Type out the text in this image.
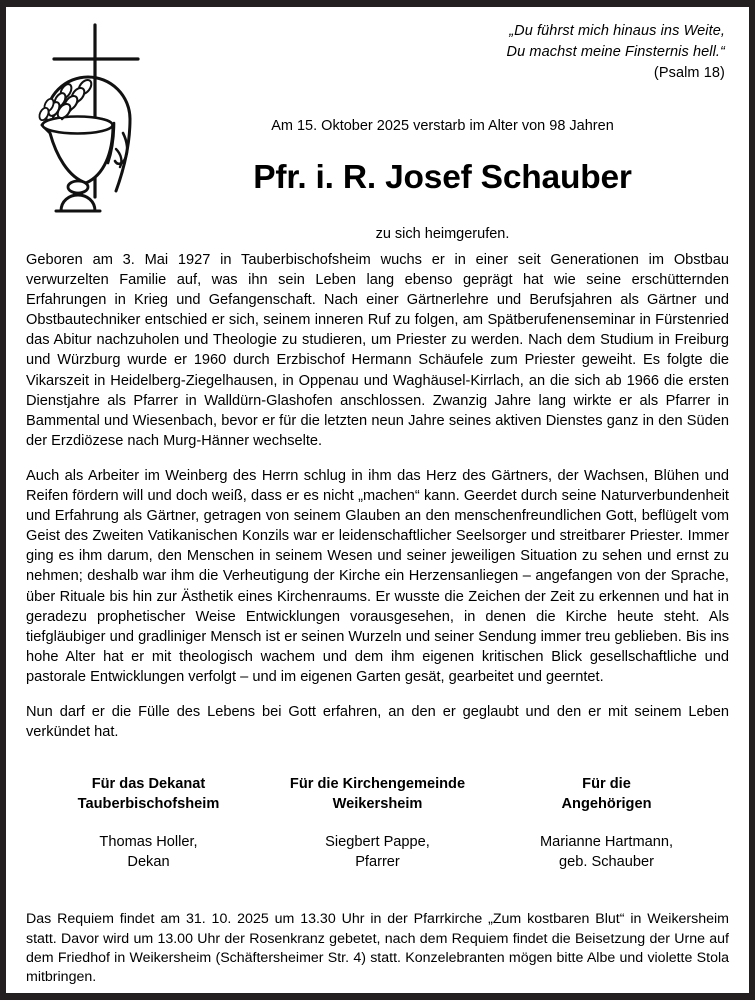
„Du führst mich hinaus ins Weite,
Du machst meine Finsternis hell.“
(Psalm 18)
Am 15. Oktober 2025 verstarb im Alter von 98 Jahren
Pfr. i. R. Josef Schauber
zu sich heimgerufen.

Geboren am 3. Mai 1927 in Tauberbischofsheim wuchs er in einer seit Generationen im Obstbau verwurzelten Familie auf, was ihn sein Leben lang ebenso geprägt hat wie seine erschütternden Erfahrungen in Krieg und Gefangenschaft. Nach einer Gärtnerlehre und Berufsjahren als Gärtner und Obstbautechniker entschied er sich, seinem inneren Ruf zu folgen, am Spätberufenenseminar in Fürstenried das Abitur nachzuholen und Theologie zu studieren, um Priester zu werden. Nach dem Studium in Freiburg und Würzburg wurde er 1960 durch Erzbischof Hermann Schäufele zum Priester geweiht. Es folgte die Vikarszeit in Heidelberg-Ziegelhausen, in Oppenau und Waghäusel-Kirrlach, an die sich ab 1966 die ersten Dienstjahre als Pfarrer in Walldürn-Glashofen anschlossen. Zwanzig Jahre lang wirkte er als Pfarrer in Bammental und Wiesenbach, bevor er für die letzten neun Jahre seines aktiven Dienstes ganz in den Süden der Erzdiözese nach Murg-Hänner wechselte.

Auch als Arbeiter im Weinberg des Herrn schlug in ihm das Herz des Gärtners, der Wachsen, Blühen und Reifen fördern will und doch weiß, dass er es nicht „machen“ kann. Geerdet durch seine Naturverbundenheit und Erfahrung als Gärtner, getragen von seinem Glauben an den menschenfreundlichen Gott, beflügelt vom Geist des Zweiten Vatikanischen Konzils war er leidenschaftlicher Seelsorger und streitbarer Priester. Immer ging es ihm darum, den Menschen in seinem Wesen und seiner jeweiligen Situation zu sehen und ernst zu nehmen; deshalb war ihm die Verheutigung der Kirche ein Herzensanliegen – angefangen von der Sprache, über Rituale bis hin zur Ästhetik eines Kirchenraums. Er wusste die Zeichen der Zeit zu erkennen und hat in geradezu prophetischer Weise Entwicklungen vorausgesehen, in denen die Kirche heute steht. Als tiefgläubiger und gradliniger Mensch ist er seinen Wurzeln und seiner Sendung immer treu geblieben. Bis ins hohe Alter hat er mit theologisch wachem und dem ihm eigenen kritischen Blick gesellschaftliche und pastorale Entwicklungen verfolgt – und im eigenen Garten gesät, gearbeitet und geerntet.

Nun darf er die Fülle des Lebens bei Gott erfahren, an den er geglaubt und den er mit seinem Leben verkündet hat.

Für das Dekanat
Tauberbischofsheim
Thomas Holler,
Dekan
Für die Kirchengemeinde
Weikersheim
Siegbert Pappe,
Pfarrer
Für die
Angehörigen
Marianne Hartmann,
geb. Schauber
Das Requiem findet am 31. 10. 2025 um 13.30 Uhr in der Pfarrkirche „Zum kostbaren Blut“ in Weikersheim statt. Davor wird um 13.00 Uhr der Rosenkranz gebetet, nach dem Requiem findet die Beisetzung der Urne auf dem Friedhof in Weikersheim (Schäftersheimer Str. 4) statt. Konzelebranten mögen bitte Albe und violette Stola mitbringen.
